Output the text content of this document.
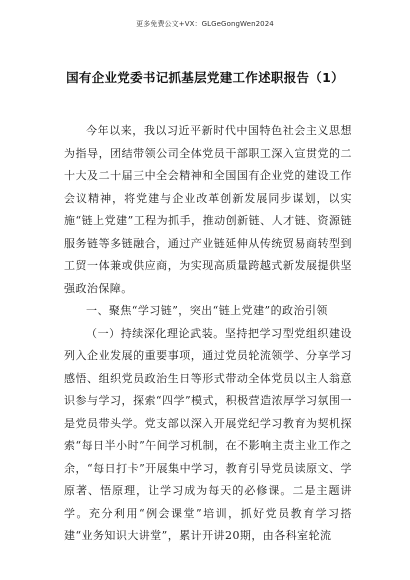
更多免费公文+VX：GLGeGongWen2024
国有企业党委书记抓基层党建工作述职报告（1）

今年以来，我以习近平新时代中国特色社会主义思想为指导，团结带领公司全体党员干部职工深入宣贯党的二十大及二十届三中全会精神和全国国有企业党的建设工作会议精神，将党建与企业改革创新发展同步谋划，以实施“链上党建”工程为抓手，推动创新链、人才链、资源链服务链等多链融合，通过产业链延伸从传统贸易商转型到工贸一体兼或供应商，为实现高质量跨越式新发展提供坚强政治保障。

一、聚焦“学习链”，突出“链上党建”的政治引领

（一）持续深化理论武装。坚持把学习型党组织建设列入企业发展的重要事项，通过党员轮流领学、分享学习感悟、组织党员政治生日等形式带动全体党员以主人翁意识参与学习，探索“四学”模式，积极营造浓厚学习氛围一是党员带头学。党支部以深入开展党纪学习教育为契机探索“每日半小时”午间学习机制，在不影响主责主业工作之余，“每日打卡”开展集中学习，教育引导党员读原文、学原著、悟原理，让学习成为每天的必修课。二是主题讲学。充分利用“例会课堂”培训，抓好党员教育学习搭建“业务知识大讲堂”，累计开讲20期，由各科室轮流
